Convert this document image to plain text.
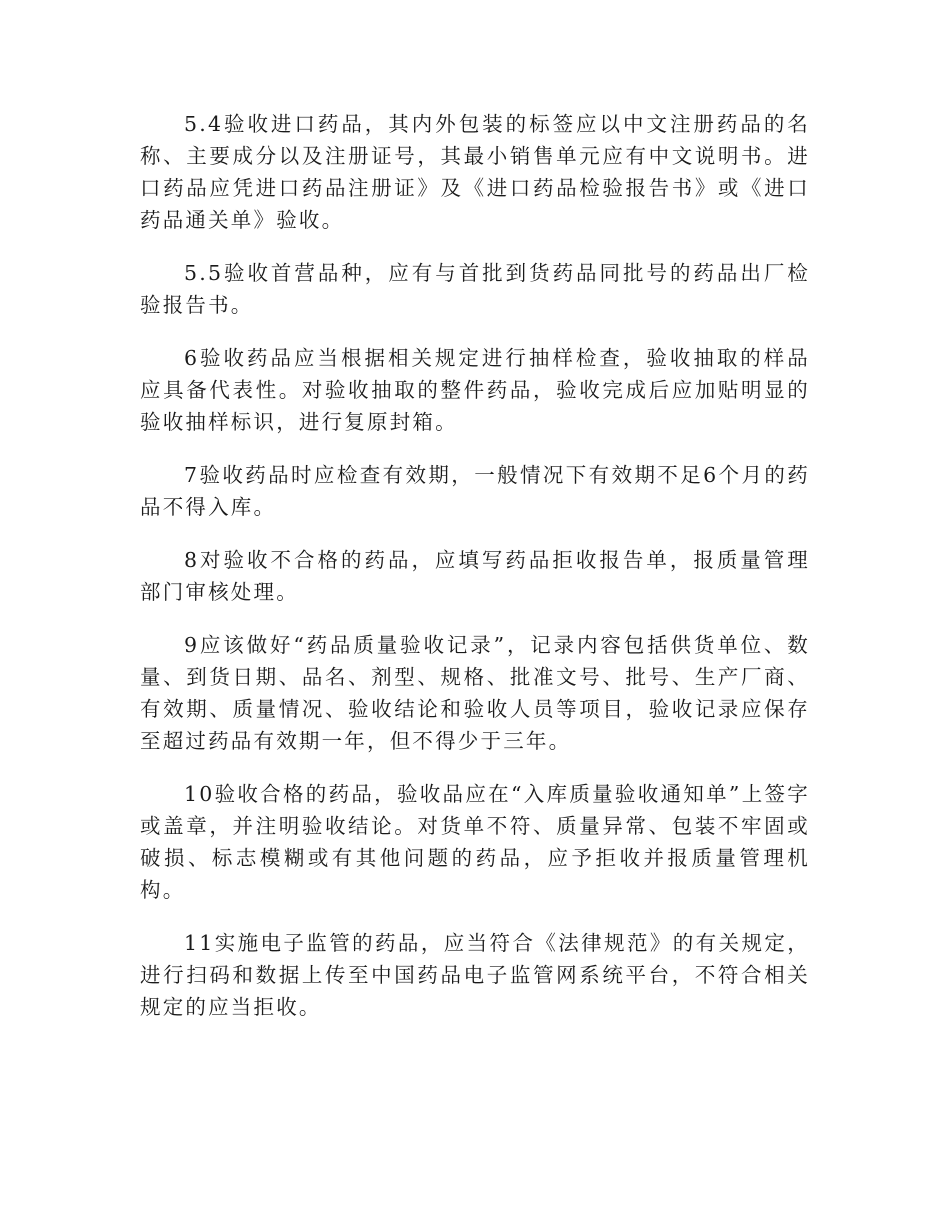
5.4验收进口药品，其内外包装的标签应以中文注册药品的名称、主要成分以及注册证号，其最小销售单元应有中文说明书。进口药品应凭进口药品注册证》及《进口药品检验报告书》或《进口药品通关单》验收。

5.5验收首营品种，应有与首批到货药品同批号的药品出厂检验报告书。

6验收药品应当根据相关规定进行抽样检查，验收抽取的样品应具备代表性。对验收抽取的整件药品，验收完成后应加贴明显的验收抽样标识，进行复原封箱。

7验收药品时应检查有效期，一般情况下有效期不足6个月的药品不得入库。

8对验收不合格的药品，应填写药品拒收报告单，报质量管理部门审核处理。

9应该做好“药品质量验收记录”，记录内容包括供货单位、数量、到货日期、品名、剂型、规格、批准文号、批号、生产厂商、有效期、质量情况、验收结论和验收人员等项目，验收记录应保存至超过药品有效期一年，但不得少于三年。

10验收合格的药品，验收品应在“入库质量验收通知单”上签字或盖章，并注明验收结论。对货单不符、质量异常、包装不牢固或破损、标志模糊或有其他问题的药品，应予拒收并报质量管理机构。

11实施电子监管的药品，应当符合《法律规范》的有关规定，进行扫码和数据上传至中国药品电子监管网系统平台，不符合相关规定的应当拒收。
